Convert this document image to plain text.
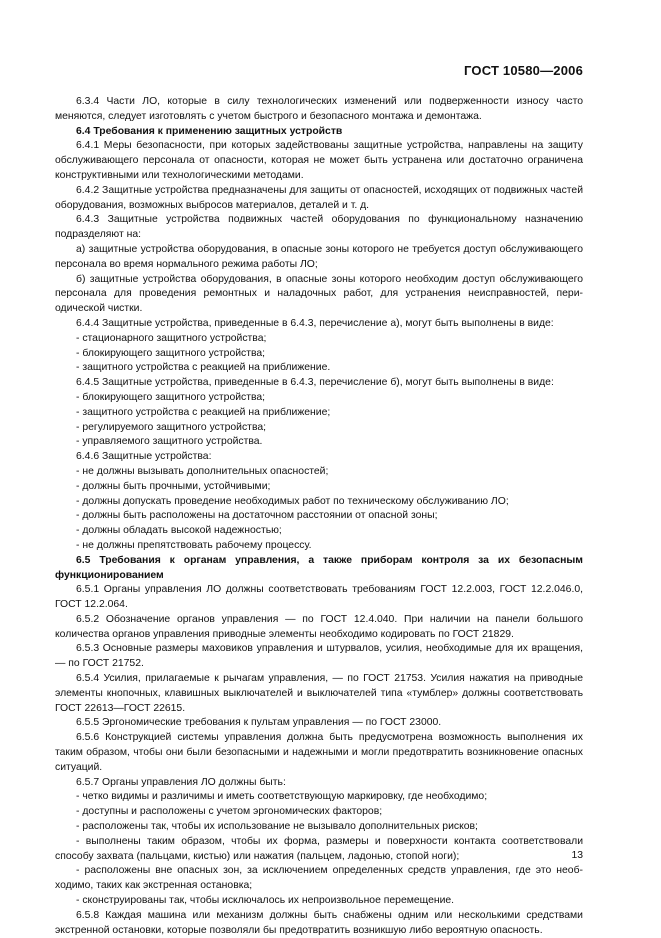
ГОСТ 10580—2006

6.3.4 Части ЛО, которые в силу технологических изменений или подверженности износу часто меняются, следует изготовлять с учетом быстрого и безопасного монтажа и демонтажа.

6.4 Требования к применению защитных устройств

6.4.1 Меры безопасности, при которых задействованы защитные устройства, направлены на защиту обслуживающего персонала от опасности, которая не может быть устранена или достаточно ограничена конструктивными или технологическими методами.

6.4.2 Защитные устройства предназначены для защиты от опасностей, исходящих от подвижных частей оборудования, возможных выбросов материалов, деталей и т. д.

6.4.3 Защитные устройства подвижных частей оборудования по функциональному назначению подразделяют на:

а) защитные устройства оборудования, в опасные зоны которого не требуется доступ обслуживающего персонала во время нормального режима работы ЛО;

б) защитные устройства оборудования, в опасные зоны которого необходим доступ обслуживающего персонала для проведения ремонтных и наладочных работ, для устранения неисправностей, периодической чистки.

6.4.4 Защитные устройства, приведенные в 6.4.3, перечисление а), могут быть выполнены в виде:

- стационарного защитного устройства;

- блокирующего защитного устройства;

- защитного устройства с реакцией на приближение.

6.4.5 Защитные устройства, приведенные в 6.4.3, перечисление б), могут быть выполнены в виде:

- блокирующего защитного устройства;

- защитного устройства с реакцией на приближение;

- регулируемого защитного устройства;

- управляемого защитного устройства.

6.4.6 Защитные устройства:

- не должны вызывать дополнительных опасностей;

- должны быть прочными, устойчивыми;

- должны допускать проведение необходимых работ по техническому обслуживанию ЛО;

- должны быть расположены на достаточном расстоянии от опасной зоны;

- должны обладать высокой надежностью;

- не должны препятствовать рабочему процессу.

6.5 Требования к органам управления, а также приборам контроля за их безопасным функционированием

6.5.1 Органы управления ЛО должны соответствовать требованиям ГОСТ 12.2.003, ГОСТ 12.2.046.0, ГОСТ 12.2.064.

6.5.2 Обозначение органов управления — по ГОСТ 12.4.040. При наличии на панели большого количества органов управления приводные элементы необходимо кодировать по ГОСТ 21829.

6.5.3 Основные размеры маховиков управления и штурвалов, усилия, необходимые для их вращения, — по ГОСТ 21752.

6.5.4 Усилия, прилагаемые к рычагам управления, — по ГОСТ 21753. Усилия нажатия на приводные элементы кнопочных, клавишных выключателей и выключателей типа «тумблер» должны соответствовать ГОСТ 22613—ГОСТ 22615.

6.5.5 Эргономические требования к пультам управления — по ГОСТ 23000.

6.5.6 Конструкцией системы управления должна быть предусмотрена возможность выполнения их таким образом, чтобы они были безопасными и надежными и могли предотвратить возникновение опасных ситуаций.

6.5.7 Органы управления ЛО должны быть:

- четко видимы и различимы и иметь соответствующую маркировку, где необходимо;

- доступны и расположены с учетом эргономических факторов;

- расположены так, чтобы их использование не вызывало дополнительных рисков;

- выполнены таким образом, чтобы их форма, размеры и поверхности контакта соответствовали способу захвата (пальцами, кистью) или нажатия (пальцем, ладонью, стопой ноги);

- расположены вне опасных зон, за исключением определенных средств управления, где это необходимо, таких как экстренная остановка;

- сконструированы так, чтобы исключалось их непроизвольное перемещение.

6.5.8 Каждая машина или механизм должны быть снабжены одним или несколькими средствами экстренной остановки, которые позволяли бы предотвратить возникшую либо вероятную опасность.

13
